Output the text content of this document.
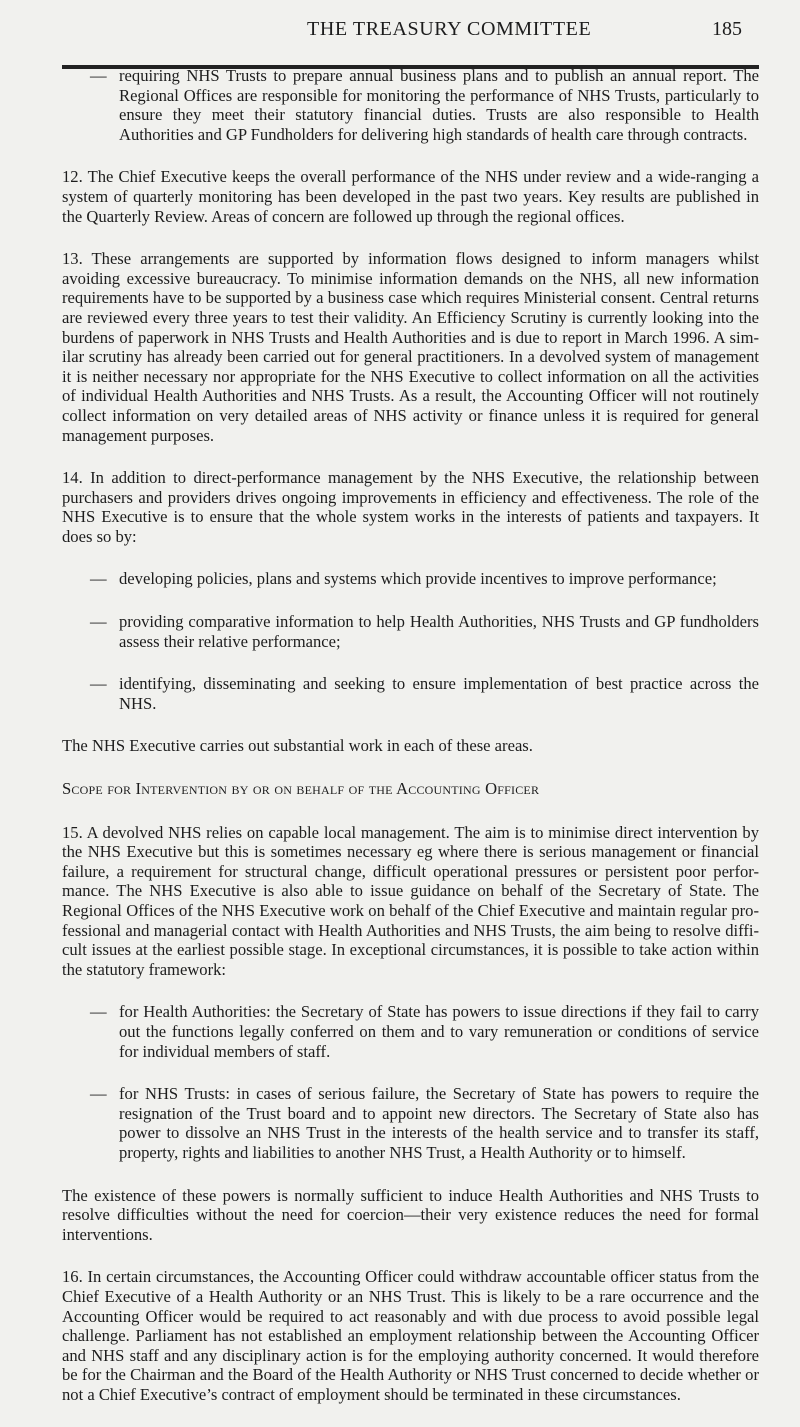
THE TREASURY COMMITTEE	185
— requiring NHS Trusts to prepare annual business plans and to publish an annual report. The Regional Offices are responsible for monitoring the performance of NHS Trusts, particularly to ensure they meet their statutory financial duties. Trusts are also responsible to Health Authorities and GP Fundholders for delivering high standards of health care through contracts.

12. The Chief Executive keeps the overall performance of the NHS under review and a wide-ranging a system of quarterly monitoring has been developed in the past two years. Key results are published in the Quarterly Review. Areas of concern are followed up through the regional offices.

13. These arrangements are supported by information flows designed to inform managers whilst avoiding excessive bureaucracy. To minimise information demands on the NHS, all new information requirements have to be supported by a business case which requires Ministerial consent. Central returns are reviewed every three years to test their validity. An Efficiency Scrutiny is currently looking into the burdens of paperwork in NHS Trusts and Health Authorities and is due to report in March 1996. A sim-ilar scrutiny has already been carried out for general practitioners. In a devolved system of management it is neither necessary nor appropriate for the NHS Executive to collect information on all the activities of individual Health Authorities and NHS Trusts. As a result, the Accounting Officer will not routinely collect information on very detailed areas of NHS activity or finance unless it is required for general management purposes.

14. In addition to direct-performance management by the NHS Executive, the relationship between purchasers and providers drives ongoing improvements in efficiency and effectiveness. The role of the NHS Executive is to ensure that the whole system works in the interests of patients and taxpayers. It does so by:

— developing policies, plans and systems which provide incentives to improve performance;
— providing comparative information to help Health Authorities, NHS Trusts and GP fundholders assess their relative performance;
— identifying, disseminating and seeking to ensure implementation of best practice across the NHS.

The NHS Executive carries out substantial work in each of these areas.

Scope for Intervention by or on behalf of the Accounting Officer

15. A devolved NHS relies on capable local management. The aim is to minimise direct intervention by the NHS Executive but this is sometimes necessary eg where there is serious management or financial failure, a requirement for structural change, difficult operational pressures or persistent poor perfor-mance. The NHS Executive is also able to issue guidance on behalf of the Secretary of State. The Regional Offices of the NHS Executive work on behalf of the Chief Executive and maintain regular pro-fessional and managerial contact with Health Authorities and NHS Trusts, the aim being to resolve diffi-cult issues at the earliest possible stage. In exceptional circumstances, it is possible to take action within the statutory framework:

— for Health Authorities: the Secretary of State has powers to issue directions if they fail to carry out the functions legally conferred on them and to vary remuneration or conditions of service for individual members of staff.
— for NHS Trusts: in cases of serious failure, the Secretary of State has powers to require the resignation of the Trust board and to appoint new directors. The Secretary of State also has power to dissolve an NHS Trust in the interests of the health service and to transfer its staff, property, rights and liabilities to another NHS Trust, a Health Authority or to himself.

The existence of these powers is normally sufficient to induce Health Authorities and NHS Trusts to resolve difficulties without the need for coercion—their very existence reduces the need for formal interventions.

16. In certain circumstances, the Accounting Officer could withdraw accountable officer status from the Chief Executive of a Health Authority or an NHS Trust. This is likely to be a rare occurrence and the Accounting Officer would be required to act reasonably and with due process to avoid possible legal challenge. Parliament has not established an employment relationship between the Accounting Officer and NHS staff and any disciplinary action is for the employing authority concerned. It would therefore be for the Chairman and the Board of the Health Authority or NHS Trust concerned to decide whether or not a Chief Executive’s contract of employment should be terminated in these circumstances.
